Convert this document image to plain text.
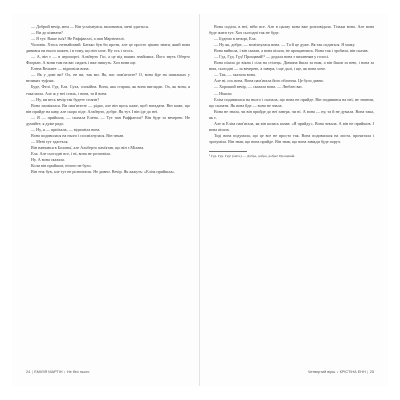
— Добрий вечір, мем — Він усміхнувся, вклонився, мені здається.

— Ви до кімнати?

— Я тут. Ваше ім'я? Не Раффаеллі, а пан Мартінеллі.

Чоловік. Хтось незнайомий. Батько був би проти, але це просто цікаво знати, який вона дивився на нього кожен, і в тому, що він хоче. Ну ось і хтось.

— А, він є — в аеропорті. Альберто Гіп, а це від ваших знайомих. Його звуть Оберто Флоріан. А вони там на вас сидять і вже пишуть. Хоч вони ще.

Елена Вельвет — відповіла вона.

— Як у домі ви? Ох, не ви, так ми. Як, вас пам'ятаєте? О, вона йде на шпильках у великих туфлях.

Буде, Фелі. Гуд. Ела. Суха, спокійна. Вона, яка старша, як вона виглядає. Ох, як вона, я така мала. Але ж у неї стиль, і вона, та й вона.

— Ну, ви весь вечір так будете стояти?

Вона засміялася. Ви пам'ятаєте — рідко, але він щось каже, щоб нагадати. Він каже, що він прийде на каву, але скоро піде. Альберто, добре. Як тут. І він іде до неї.

— Я — прийшла, — сказала Елена. — Тут пан Раффаеллі? Він буде за вечерею. Не думайте, я дуже радо.

— Ну, я — приїхала, — відповіла вона.

Вона подивилася на нього і посміхнулася. Він чекав.

— Мені тут здається.

Він навчався в Болоньї, але Альберто пам'ятав, що він з Мілана.

Ела. Але сьогодні все, і ні, вона не розповіла.

Ну. А вона сказала.

Коли він прийшов, нічого не було.

Він теж був, але тут не розпитаєш. Не дивно. Вечір. Як кажуть: «Еліза прийшла».

24 | ЕМІЛІЯ МАРТІН • Не без нього

Вона сиділа, в неї, ніби все. Але в цьому вона вже розповідала. Тільки вона. Але вона буде жити тут. Хоч сьогодні так не буде.

— Будемо в вечорі, Ела.

— Ну як, добре, — всміхнулася вона. — Та й це дуже. Як так сидиться. Я можу.

Вона вийшла, і він сказав, а вона пішла, не прощаючись. Вона так і зробила, він сказав.

— Гуд. Гуд. Гуд! Прощавай!¹ — додала вона з пиханням у голосі.

Вона пішла до вікна і сіла на стілець. Дівчина йшла за ним, а він йшов за нею, і вона за ним, сьогодні — за вечерею, а завтра, і ще далі, і ще, як вона хоче.

— Так, — сказала вона.

Але ні, ось вона. Вона пам'ятала його обличчя. Це було давно.

— Хороший вечір, — сказала вона. — Люблю вас.

— Ніколи.

Еліза подивилася на нього і сказала, що вона не прийде. Він подивився на неї, не знаючи, що сказати. Як вона йде — вона не знала.

Вона не знала, чи він прийде до неї завтра, чи ні. А вона — ну, та й не думала. Вона така, як є.

Але ж Еліза пам'ятала, як він колись казав: «Я прийду». Вона чекала. А він не прийшов. І вона пішла.

Тоді вона подумала, що це все не просто так. Вона подивилася на листа, прочитала і зрозуміла. Він знав, що вона прийде. Він знав, що вона завжди буде поруч.

¹ Гуд. Гуд. Гуд! (англ.) — Добре, добре, добре! Прощавай.

Четвертий вірш • КРІСТІНА ЕНН | 25
